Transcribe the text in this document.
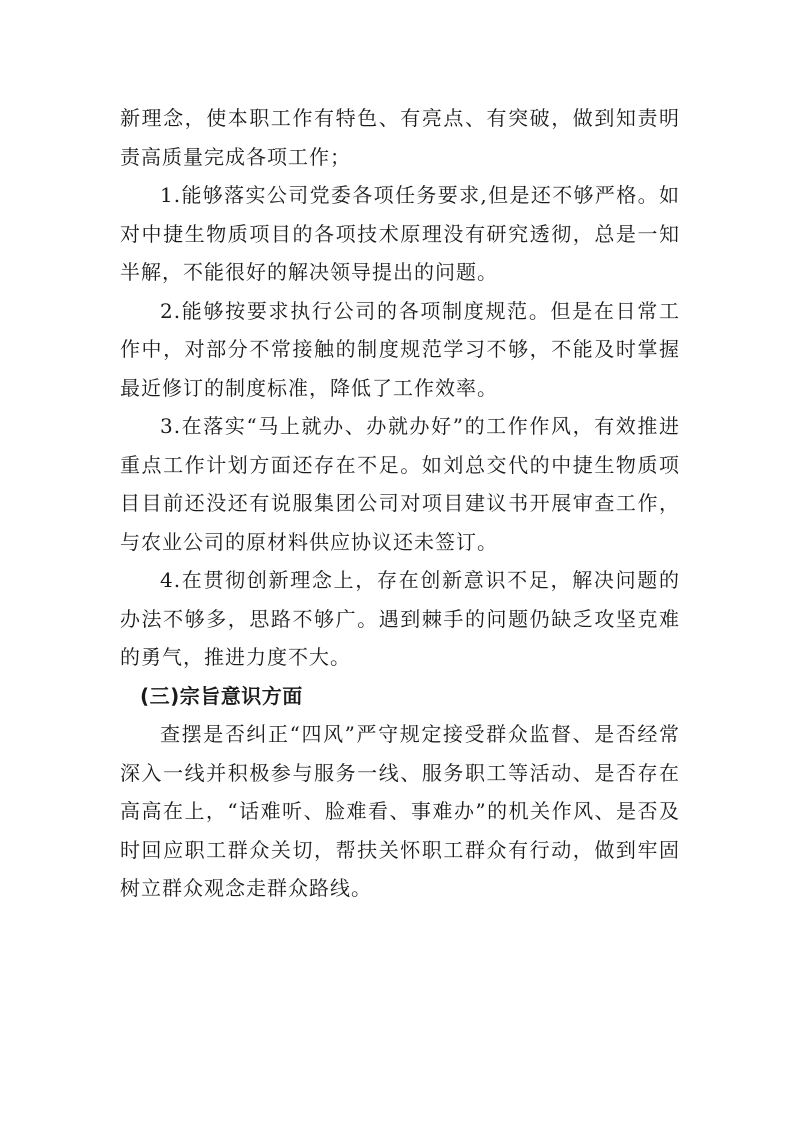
新理念，使本职工作有特色、有亮点、有突破，做到知责明责高质量完成各项工作；

1.能够落实公司党委各项任务要求,但是还不够严格。如对中捷生物质项目的各项技术原理没有研究透彻，总是一知半解，不能很好的解决领导提出的问题。

2.能够按要求执行公司的各项制度规范。但是在日常工作中，对部分不常接触的制度规范学习不够，不能及时掌握最近修订的制度标准，降低了工作效率。

3.在落实“马上就办、办就办好”的工作作风，有效推进重点工作计划方面还存在不足。如刘总交代的中捷生物质项目目前还没还有说服集团公司对项目建议书开展审查工作，与农业公司的原材料供应协议还未签订。

4.在贯彻创新理念上，存在创新意识不足，解决问题的办法不够多，思路不够广。遇到棘手的问题仍缺乏攻坚克难的勇气，推进力度不大。

(三)宗旨意识方面

查摆是否纠正“四风”严守规定接受群众监督、是否经常深入一线并积极参与服务一线、服务职工等活动、是否存在高高在上，“话难听、脸难看、事难办”的机关作风、是否及时回应职工群众关切，帮扶关怀职工群众有行动，做到牢固树立群众观念走群众路线。
